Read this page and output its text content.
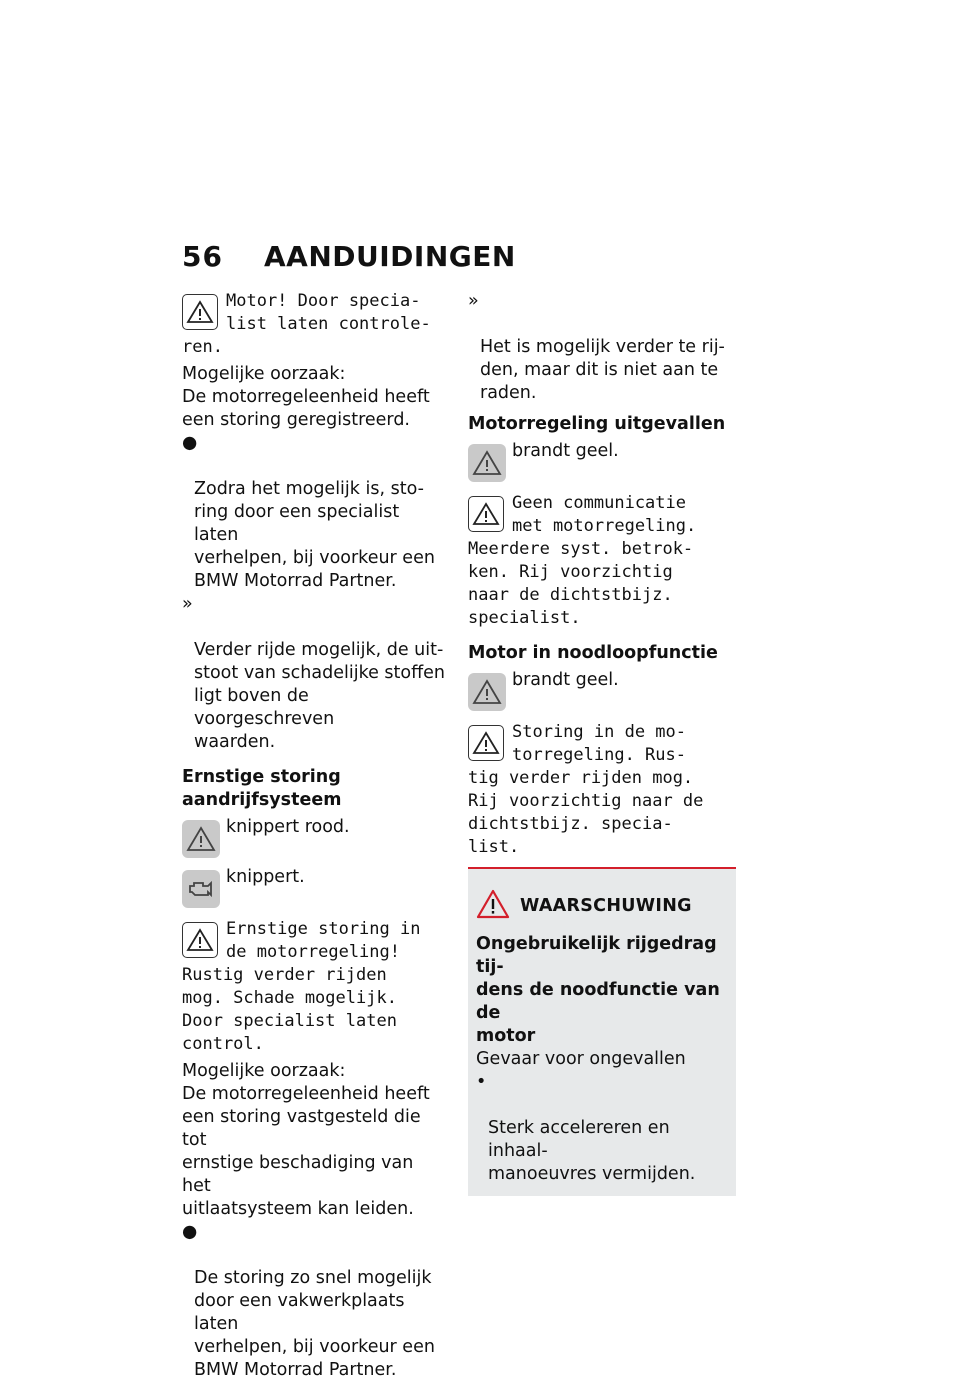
56	AANDUIDINGEN
Motor! Door specia-
list laten controle-
ren.

Mogelijke oorzaak:
De motorregeleenheid heeft
een storing geregistreerd.

●

Zodra het mogelijk is, sto-
ring door een specialist laten
verhelpen, bij voorkeur een
BMW Motorrad Partner.

»

Verder rijde mogelijk, de uit-
stoot van schadelijke stoffen
ligt boven de voorgeschreven
waarden.

Ernstige storing
aandrijfsysteem

knippert rood.
knippert.
Ernstige storing in
de motorregeling!
Rustig verder rijden
mog. Schade mogelijk.
Door specialist laten
control.

Mogelijke oorzaak:
De motorregeleenheid heeft
een storing vastgesteld die tot
ernstige beschadiging van het
uitlaatsysteem kan leiden.

●

De storing zo snel mogelijk
door een vakwerkplaats laten
verhelpen, bij voorkeur een
BMW Motorrad Partner.

»

Het is mogelijk verder te rij-
den, maar dit is niet aan te
raden.

Motorregeling uitgevallen

brandt geel.
Geen communicatie
met motorregeling.
Meerdere syst. betrok-
ken. Rij voorzichtig
naar de dichtstbijz.
specialist.

Motor in noodloopfunctie

brandt geel.
Storing in de mo-
torregeling. Rus-
tig verder rijden mog.
Rij voorzichtig naar de
dichtstbijz. specia-
list.
WAARSCHUWING
Ongebruikelijk rijgedrag tij-
dens de noodfunctie van de
motor

Gevaar voor ongevallen

•

Sterk accelereren en inhaal-
manoeuvres vermijden.
